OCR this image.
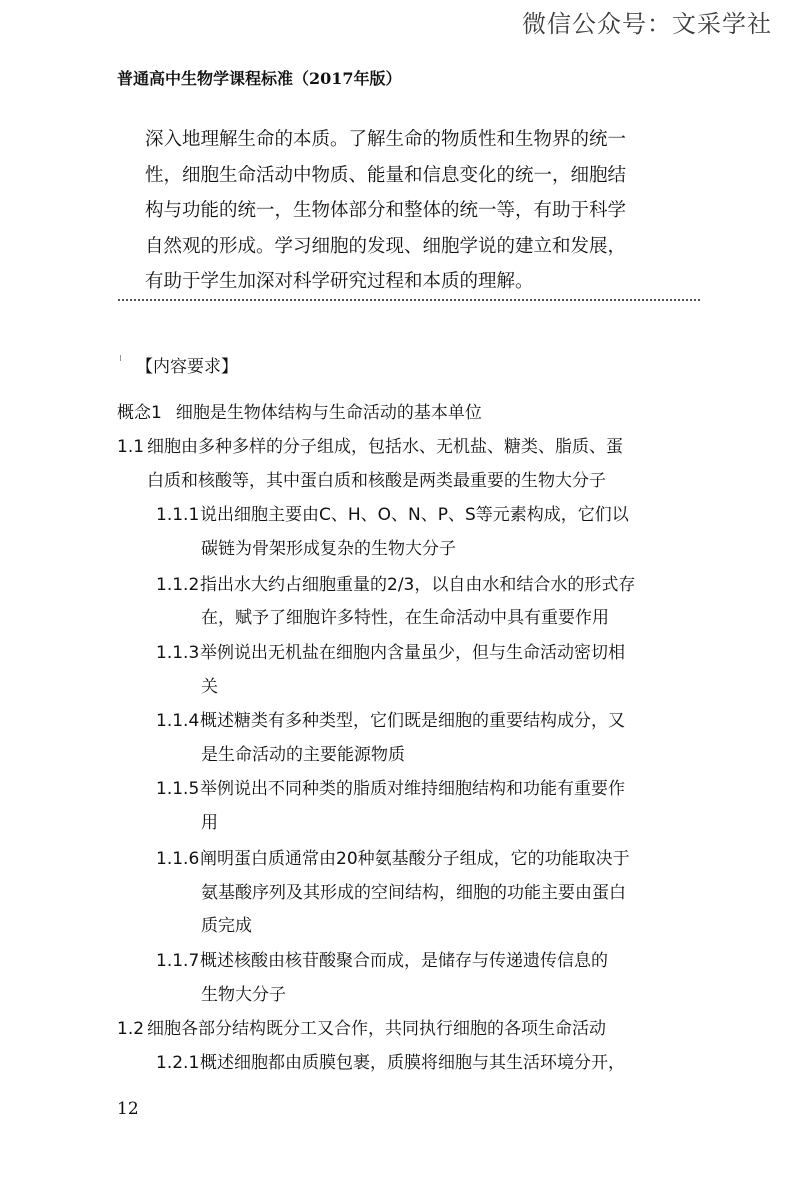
微信公众号：文采学社
普通高中生物学课程标准（2017年版）

深入地理解生命的本质。了解生命的物质性和生物界的统一

性，细胞生命活动中物质、能量和信息变化的统一，细胞结

构与功能的统一，生物体部分和整体的统一等，有助于科学

自然观的形成。学习细胞的发现、细胞学说的建立和发展，

有助于学生加深对科学研究过程和本质的理解。

【内容要求】
概念1 细胞是生物体结构与生命活动的基本单位
1.1 细胞由多种多样的分子组成，包括水、无机盐、糖类、脂质、蛋
白质和核酸等，其中蛋白质和核酸是两类最重要的生物大分子
1.1.1说出细胞主要由C、H、O、N、P、S等元素构成，它们以
碳链为骨架形成复杂的生物大分子
1.1.2指出水大约占细胞重量的2/3，以自由水和结合水的形式存
在，赋予了细胞许多特性，在生命活动中具有重要作用
1.1.3举例说出无机盐在细胞内含量虽少，但与生命活动密切相
关
1.1.4概述糖类有多种类型，它们既是细胞的重要结构成分，又
是生命活动的主要能源物质
1.1.5举例说出不同种类的脂质对维持细胞结构和功能有重要作
用
1.1.6阐明蛋白质通常由20种氨基酸分子组成，它的功能取决于
氨基酸序列及其形成的空间结构，细胞的功能主要由蛋白
质完成
1.1.7概述核酸由核苷酸聚合而成，是储存与传递遗传信息的
生物大分子
1.2 细胞各部分结构既分工又合作，共同执行细胞的各项生命活动
1.2.1概述细胞都由质膜包裹，质膜将细胞与其生活环境分开，
12
